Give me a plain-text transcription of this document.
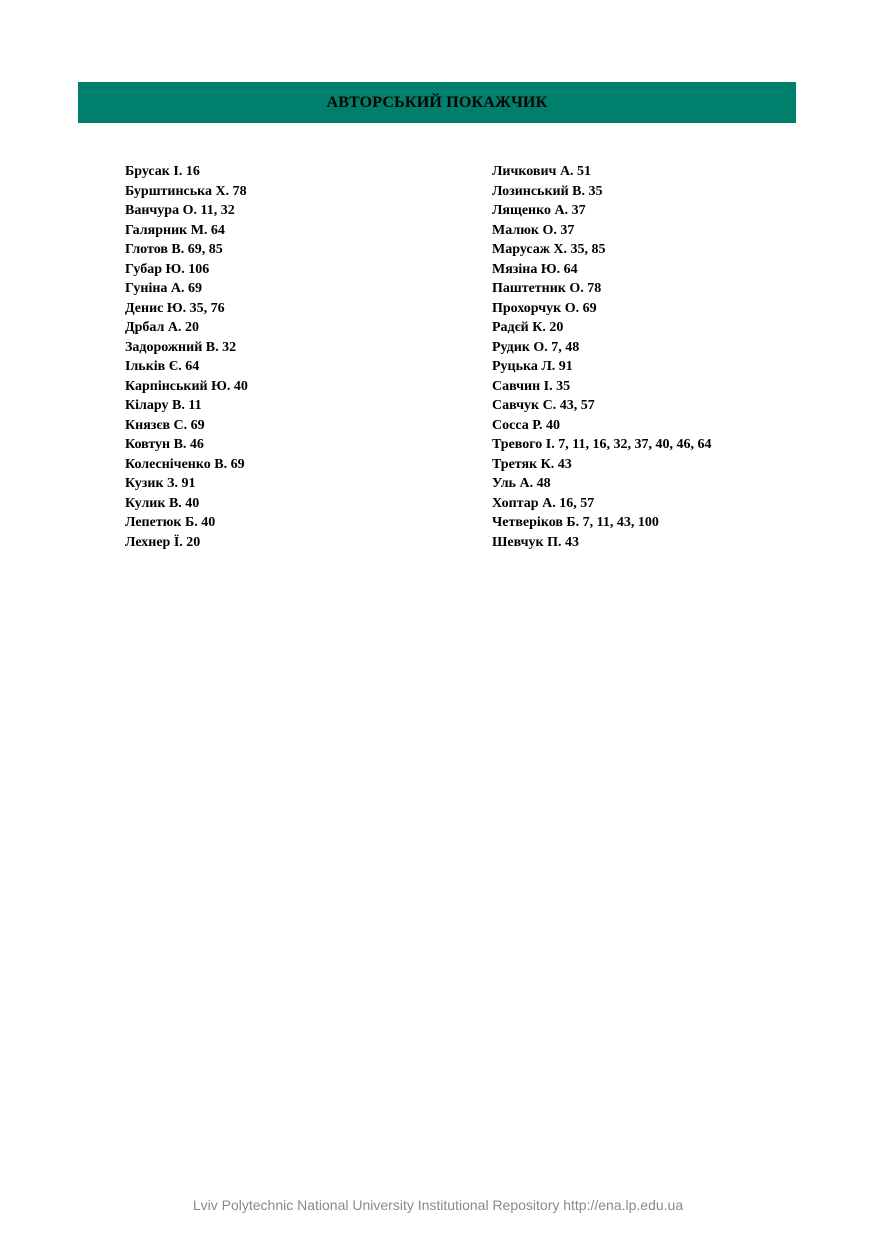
АВТОРСЬКИЙ ПОКАЖЧИК
Брусак І. 16
Бурштинська Х. 78
Ванчура О. 11, 32
Галярник М. 64
Глотов В. 69, 85
Губар Ю. 106
Гуніна А. 69
Денис Ю. 35, 76
Дрбал А. 20
Задорожний В. 32
Ільків Є. 64
Карпінський Ю. 40
Кілару В. 11
Князєв С. 69
Ковтун В. 46
Колесніченко В. 69
Кузик З. 91
Кулик В. 40
Лепетюк Б. 40
Лехнер Ї. 20
Личкович А. 51
Лозинський В. 35
Лященко А. 37
Малюк О. 37
Марусаж Х. 35, 85
Мязіна Ю. 64
Паштетник О. 78
Прохорчук О. 69
Радєй К. 20
Рудик О. 7, 48
Руцька Л. 91
Савчин І. 35
Савчук С. 43, 57
Сосса Р. 40
Тревого І. 7, 11, 16, 32, 37, 40, 46, 64
Третяк К. 43
Уль А. 48
Хоптар А. 16, 57
Четверіков Б. 7, 11, 43, 100
Шевчук П. 43
Lviv Polytechnic National University Institutional Repository http://ena.lp.edu.ua
